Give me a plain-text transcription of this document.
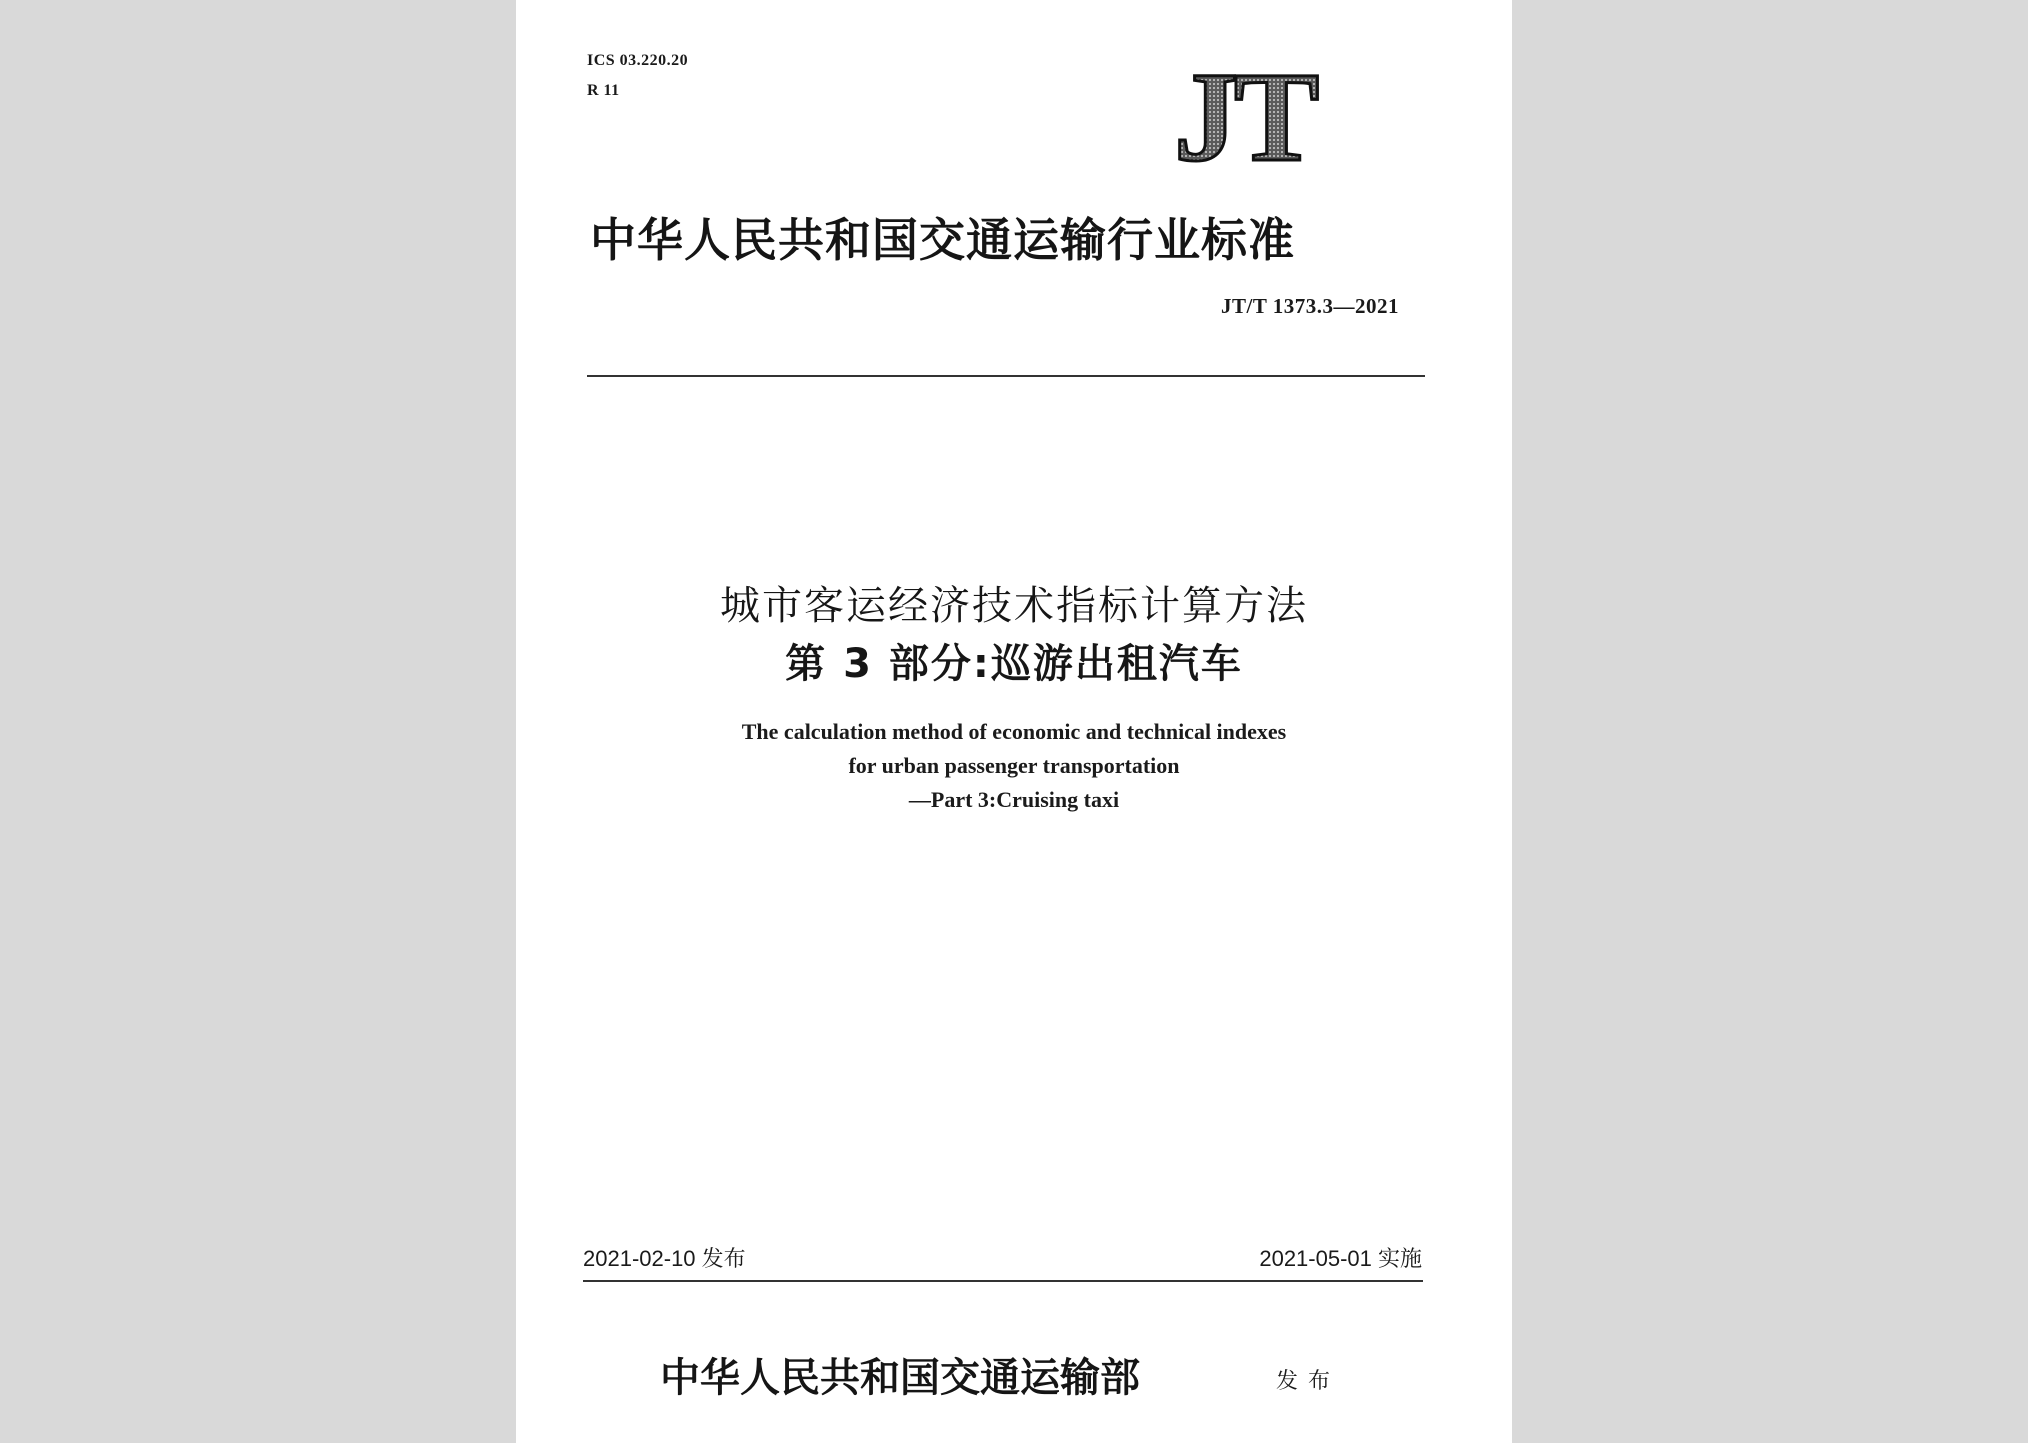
ICS 03.220.20
R 11	JT
中华人民共和国交通运输行业标准
JT/T 1373.3—2021
城市客运经济技术指标计算方法
第 3 部分:巡游出租汽车
The calculation method of economic and technical indexes
for urban passenger transportation
—Part 3:Cruising taxi
2021-02-10 发布	2021-05-01 实施
中华人民共和国交通运输部	发布
